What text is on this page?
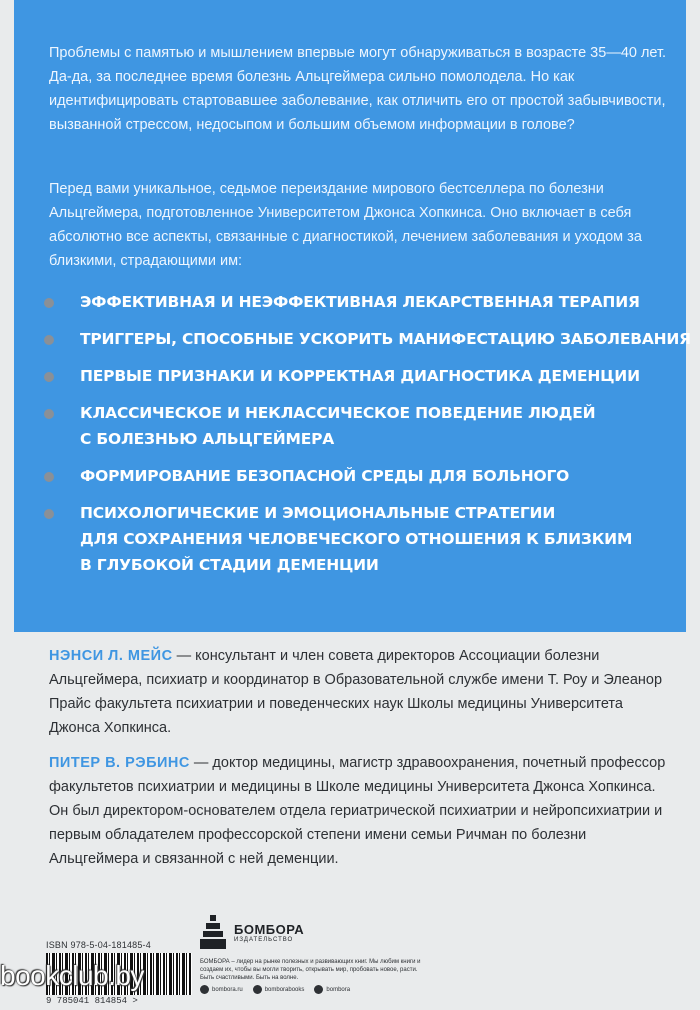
Проблемы с памятью и мышлением впервые могут обнаруживаться в возрасте 35—40 лет. Да-да, за последнее время болезнь Альцгеймера сильно помолодела. Но как идентифицировать стартовавшее заболевание, как отличить его от простой забывчивости, вызванной стрессом, недосыпом и большим объемом информации в голове?

Перед вами уникальное, седьмое переиздание мирового бестселлера по болезни Альцгеймера, подготовленное Университетом Джонса Хопкинса. Оно включает в себя абсолютно все аспекты, связанные с диагностикой, лечением заболевания и уходом за близкими, страдающими им:

ЭФФЕКТИВНАЯ И НЕЭФФЕКТИВНАЯ ЛЕКАРСТВЕННАЯ ТЕРАПИЯ
ТРИГГЕРЫ, СПОСОБНЫЕ УСКОРИТЬ МАНИФЕСТАЦИЮ ЗАБОЛЕВАНИЯ
ПЕРВЫЕ ПРИЗНАКИ И КОРРЕКТНАЯ ДИАГНОСТИКА ДЕМЕНЦИИ
КЛАССИЧЕСКОЕ И НЕКЛАССИЧЕСКОЕ ПОВЕДЕНИЕ ЛЮДЕЙ
С БОЛЕЗНЬЮ АЛЬЦГЕЙМЕРА
ФОРМИРОВАНИЕ БЕЗОПАСНОЙ СРЕДЫ ДЛЯ БОЛЬНОГО
ПСИХОЛОГИЧЕСКИЕ И ЭМОЦИОНАЛЬНЫЕ СТРАТЕГИИ
ДЛЯ СОХРАНЕНИЯ ЧЕЛОВЕЧЕСКОГО ОТНОШЕНИЯ К БЛИЗКИМ
В ГЛУБОКОЙ СТАДИИ ДЕМЕНЦИИ

НЭНСИ Л. МЕЙС — консультант и член совета директоров Ассоциации болезни Альцгеймера, психиатр и координатор в Образовательной службе имени Т. Роу и Элеанор Прайс факультета психиатрии и поведенческих наук Школы медицины Университета Джонса Хопкинса.

ПИТЕР В. РЭБИНС — доктор медицины, магистр здравоохранения, почетный профессор факультетов психиатрии и медицины в Школе медицины Университета Джонса Хопкинса. Он был директором-основателем отдела гериатрической психиатрии и нейропсихиатрии и первым обладателем профессорской степени имени семьи Ричман по болезни Альцгеймера и связанной с ней деменции.

ISBN 978-5-04-181485-4
9 785041 814854 >
БОМБОРА
ИЗДАТЕЛЬСТВО

БОМБОРА – лидер на рынке полезных и развивающих книг. Мы любим книги и создаем их, чтобы вы могли творить, открывать мир, пробовать новое, расти. Быть счастливыми. Быть на волне.

bombora.ru	bomborabooks	bombora
bookclub.by
